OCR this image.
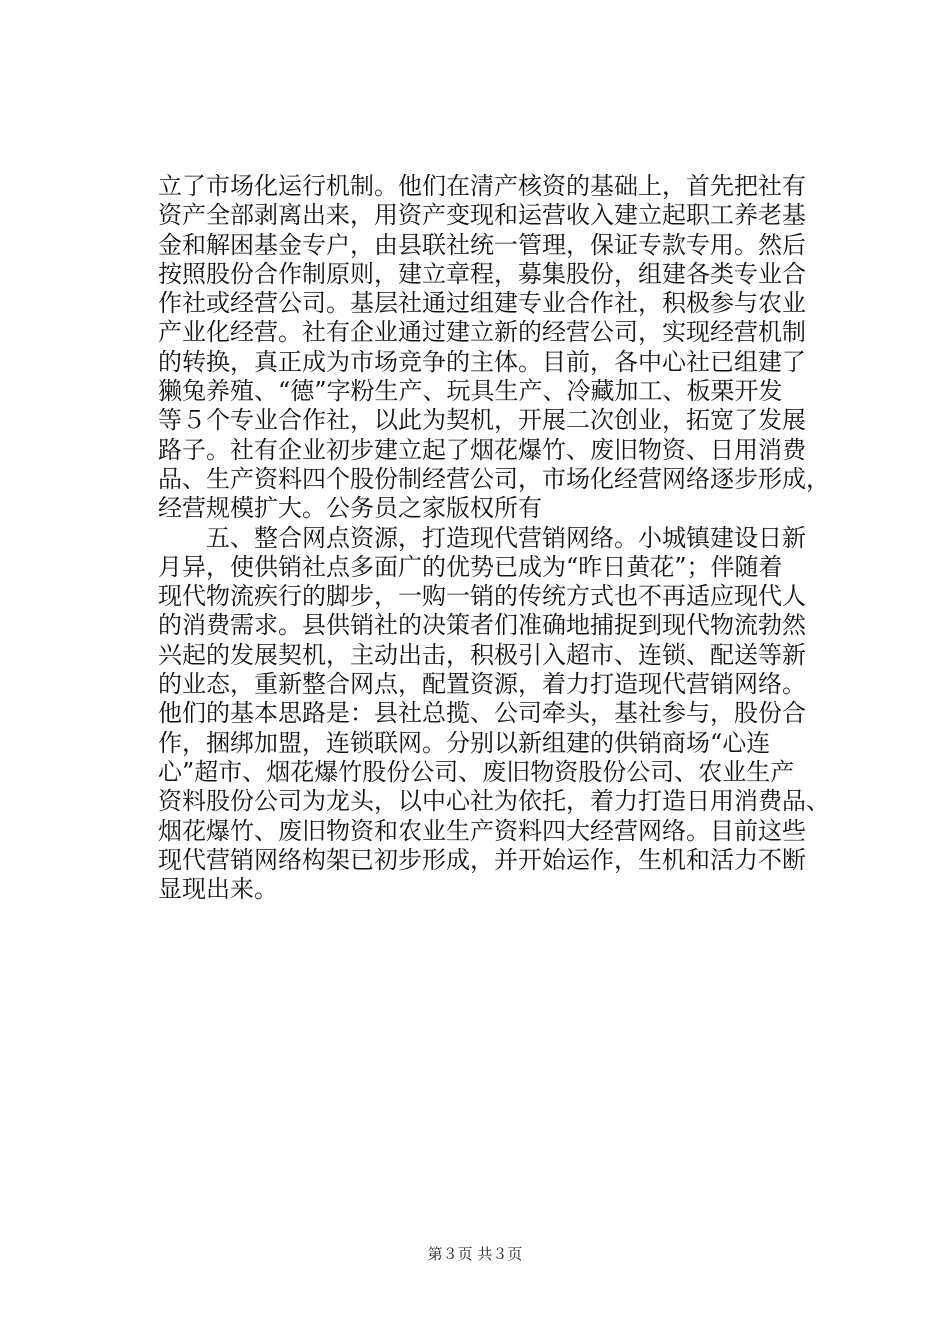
立了市场化运行机制。他们在清产核资的基础上，首先把社有
资产全部剥离出来，用资产变现和运营收入建立起职工养老基
金和解困基金专户，由县联社统一管理，保证专款专用。然后
按照股份合作制原则，建立章程，募集股份，组建各类专业合
作社或经营公司。基层社通过组建专业合作社，积极参与农业
产业化经营。社有企业通过建立新的经营公司，实现经营机制
的转换，真正成为市场竞争的主体。目前，各中心社已组建了
獭兔养殖、“德”字粉生产、玩具生产、冷藏加工、板栗开发
等５个专业合作社，以此为契机，开展二次创业，拓宽了发展
路子。社有企业初步建立起了烟花爆竹、废旧物资、日用消费
品、生产资料四个股份制经营公司，市场化经营网络逐步形成，
经营规模扩大。公务员之家版权所有
　　五、整合网点资源，打造现代营销网络。小城镇建设日新
月异，使供销社点多面广的优势已成为“昨日黄花”；伴随着
现代物流疾行的脚步，一购一销的传统方式也不再适应现代人
的消费需求。县供销社的决策者们准确地捕捉到现代物流勃然
兴起的发展契机，主动出击，积极引入超市、连锁、配送等新
的业态，重新整合网点，配置资源，着力打造现代营销网络。
他们的基本思路是：县社总揽、公司牵头，基社参与，股份合
作，捆绑加盟，连锁联网。分别以新组建的供销商场“心连
心”超市、烟花爆竹股份公司、废旧物资股份公司、农业生产
资料股份公司为龙头，以中心社为依托，着力打造日用消费品、
烟花爆竹、废旧物资和农业生产资料四大经营网络。目前这些
现代营销网络构架已初步形成，并开始运作，生机和活力不断
显现出来。
第３页 共３页
